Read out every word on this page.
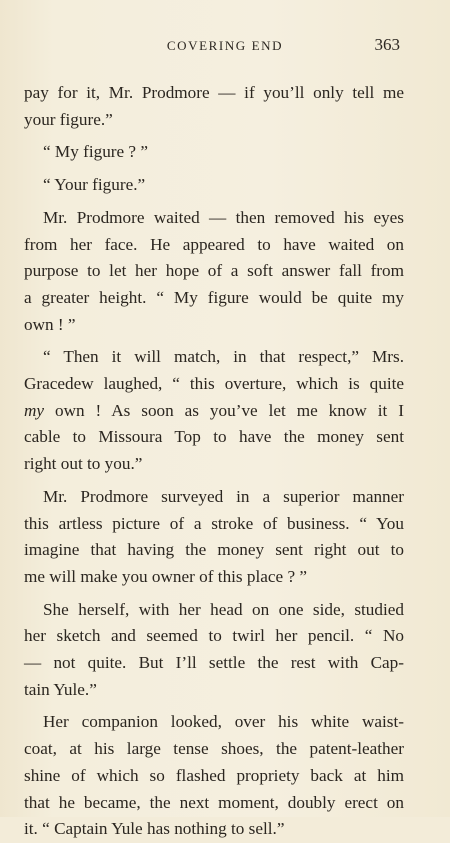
COVERING END	363
pay for it, Mr. Prodmore — if you’ll only tell me
your figure.”
“ My figure ? ”
“ Your figure.”
Mr. Prodmore waited — then removed his eyes
from her face. He appeared to have waited on
purpose to let her hope of a soft answer fall from
a greater height. “ My figure would be quite my
own ! ”
“ Then it will match, in that respect,” Mrs.
Gracedew laughed, “ this overture, which is quite
my own ! As soon as you’ve let me know it I
cable to Missoura Top to have the money sent
right out to you.”
Mr. Prodmore surveyed in a superior manner
this artless picture of a stroke of business. “ You
imagine that having the money sent right out to
me will make you owner of this place ? ”
She herself, with her head on one side, studied
her sketch and seemed to twirl her pencil. “ No
— not quite. But I’ll settle the rest with Cap-
tain Yule.”
Her companion looked, over his white waist-
coat, at his large tense shoes, the patent-leather
shine of which so flashed propriety back at him
that he became, the next moment, doubly erect on
it. “ Captain Yule has nothing to sell.”
